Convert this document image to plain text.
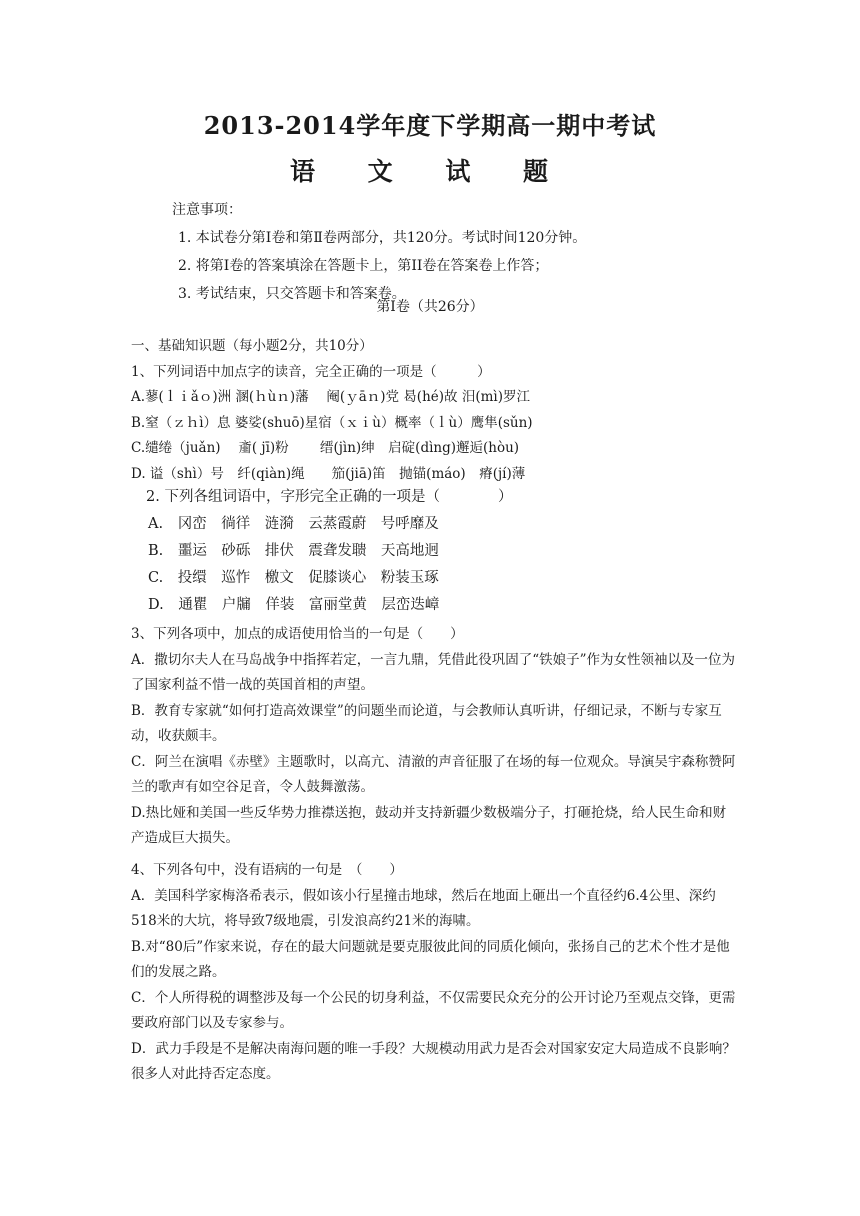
2013-2014学年度下学期高一期中考试
语 文 试 题
注意事项：
1. 本试卷分第Ⅰ卷和第Ⅱ卷两部分，共120分。考试时间120分钟。
2. 将第I卷的答案填涂在答题卡上，第II卷在答案卷上作答；
3. 考试结束，只交答题卡和答案卷。
第Ⅰ卷（共26分）

一、基础知识题（每小题2分，共10分）

1、下列词语中加点字的读音，完全正确的一项是（　　　）

A.蓼(ｌｉǎｏ)洲 溷(ｈùｎ)藩　 阉(ｙāｎ)党 曷(hé)故 汨(mì)罗江

B.窒（ｚｈì）息 婆娑(shuō)星宿（ｘｉù）概率（ｌù）鹰隼(sǔn)

C.缱绻（juǎn)　 齑( jī)粉　　 缙(jìn)绅　启碇(dìng)邂逅(hòu)

D. 谥（shì）号　纤(qiàn)绳　　笳(jiā)笛　抛锚(máo)　瘠(jí)薄

2. 下列各组词语中，字形完全正确的一项是（　　　　）

A. 冈峦　徜徉　涟漪　云蒸霞蔚　号呼靡及

B. 噩运　砂砾　排伏　震聋发聩　天高地迥

C. 投缳　巡怍　檄文　促膝谈心　粉装玉琢

D. 通瞿　户牖　佯装　富丽堂黄　层峦迭嶂

3、下列各项中，加点的成语使用恰当的一句是（　　）

A．撒切尔夫人在马岛战争中指挥若定，一言九鼎，凭借此役巩固了“铁娘子”作为女性领袖以及一位为了国家利益不惜一战的英国首相的声望。

B．教育专家就“如何打造高效课堂”的问题坐而论道，与会教师认真听讲，仔细记录，不断与专家互动，收获颇丰。

C．阿兰在演唱《赤壁》主题歌时，以高亢、清澈的声音征服了在场的每一位观众。导演吴宇森称赞阿兰的歌声有如空谷足音，令人鼓舞激荡。

D.热比娅和美国一些反华势力推襟送抱，鼓动并支持新疆少数极端分子，打砸抢烧，给人民生命和财产造成巨大损失。

4、下列各句中，没有语病的一句是　（　　）

A．美国科学家梅洛希表示，假如该小行星撞击地球，然后在地面上砸出一个直径约6.4公里、深约518米的大坑，将导致7级地震，引发浪高约21米的海啸。

B.对“80后”作家来说，存在的最大问题就是要克服彼此间的同质化倾向，张扬自己的艺术个性才是他们的发展之路。

C．个人所得税的调整涉及每一个公民的切身利益，不仅需要民众充分的公开讨论乃至观点交锋，更需要政府部门以及专家参与。

D．武力手段是不是解决南海问题的唯一手段？大规模动用武力是否会对国家安定大局造成不良影响？很多人对此持否定态度。
